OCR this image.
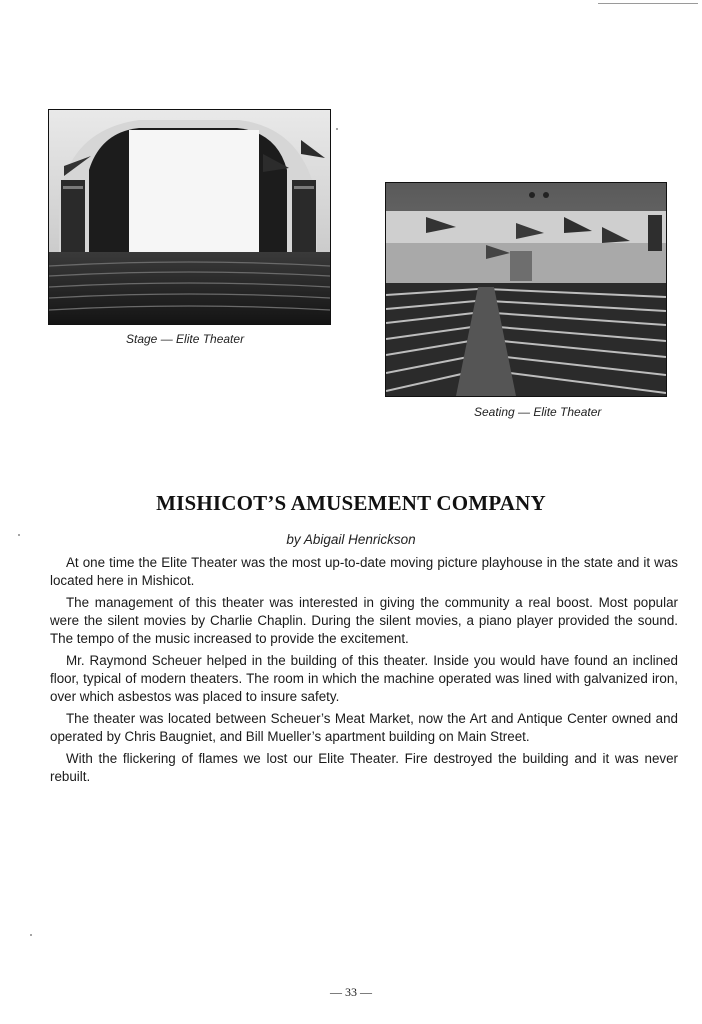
Stage — Elite Theater
Seating — Elite Theater
MISHICOT’S AMUSEMENT COMPANY
by Abigail Henrickson

At one time the Elite Theater was the most up-to-date moving picture playhouse in the state and it was located here in Mishicot.

The management of this theater was interested in giving the community a real boost. Most popular were the silent movies by Charlie Chaplin. During the silent movies, a piano player provided the sound. The tempo of the music increased to provide the excitement.

Mr. Raymond Scheuer helped in the building of this theater. Inside you would have found an inclined floor, typical of modern theaters. The room in which the machine operated was lined with galvanized iron, over which asbestos was placed to insure safety.

The theater was located between Scheuer’s Meat Market, now the Art and Antique Center owned and operated by Chris Baugniet, and Bill Mueller’s apartment building on Main Street.

With the flickering of flames we lost our Elite Theater. Fire destroyed the building and it was never rebuilt.

— 33 —
